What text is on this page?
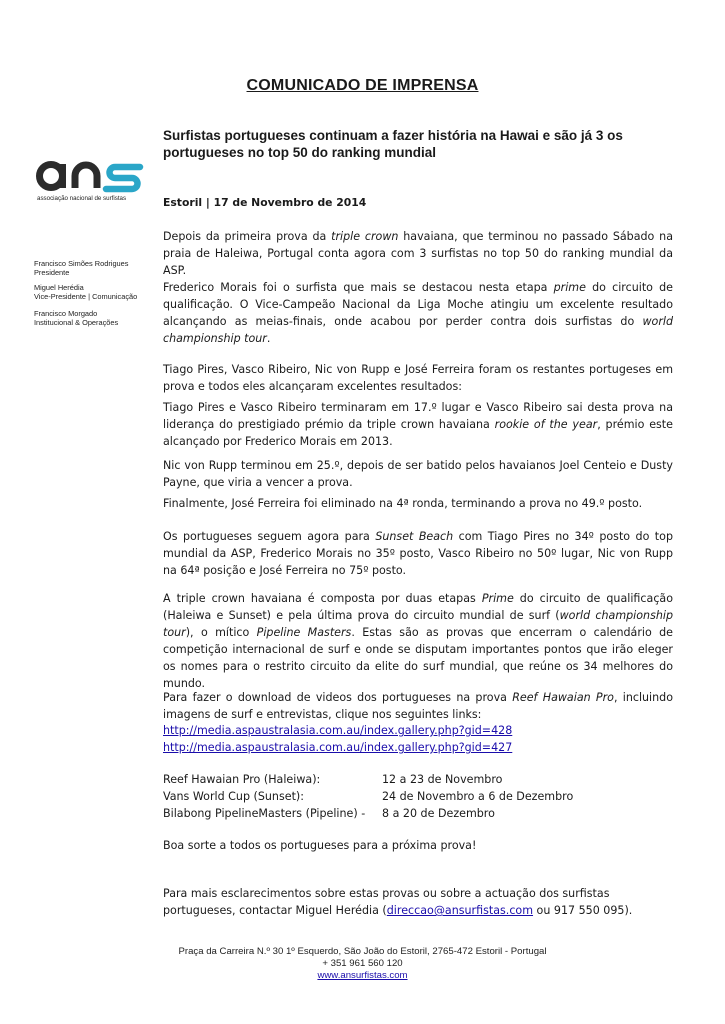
COMUNICADO DE IMPRENSA
Surfistas portugueses continuam a fazer história na Hawai e são já 3 os portugueses no top 50 do ranking mundial
associação nacional de surfistas
Francisco Simões Rodrigues
Presidente
Miguel Herédia
Vice-Presidente | Comunicação
Francisco Morgado
Institucional & Operações
Estoril | 17 de Novembro de 2014
Depois da primeira prova da triple crown havaiana, que terminou no passado Sábado na praia de Haleiwa, Portugal conta agora com 3 surfistas no top 50 do ranking mundial da ASP.
Frederico Morais foi o surfista que mais se destacou nesta etapa prime do circuito de qualificação. O Vice-Campeão Nacional da Liga Moche atingiu um excelente resultado alcançando as meias-finais, onde acabou por perder contra dois surfistas do world championship tour.
Tiago Pires, Vasco Ribeiro, Nic von Rupp e José Ferreira foram os restantes portugeses em prova e todos eles alcançaram excelentes resultados:
Tiago Pires e Vasco Ribeiro terminaram em 17.º lugar e Vasco Ribeiro sai desta prova na liderança do prestigiado prémio da triple crown havaiana rookie of the year, prémio este alcançado por Frederico Morais em 2013.
Nic von Rupp terminou em 25.º, depois de ser batido pelos havaianos Joel Centeio e Dusty Payne, que viria a vencer a prova.
Finalmente, José Ferreira foi eliminado na 4ª ronda, terminando a prova no 49.º posto.
Os portugueses seguem agora para Sunset Beach com Tiago Pires no 34º posto do top mundial da ASP, Frederico Morais no 35º posto, Vasco Ribeiro no 50º lugar, Nic von Rupp na 64ª posição e José Ferreira no 75º posto.
A triple crown havaiana é composta por duas etapas Prime do circuito de qualificação (Haleiwa e Sunset) e pela última prova do circuito mundial de surf (world championship tour), o mítico Pipeline Masters. Estas são as provas que encerram o calendário de competição internacional de surf e onde se disputam importantes pontos que irão eleger os nomes para o restrito circuito da elite do surf mundial, que reúne os 34 melhores do mundo.
Para fazer o download de videos dos portugueses na prova Reef Hawaian Pro, incluindo imagens de surf e entrevistas, clique nos seguintes links:
http://media.aspaustralasia.com.au/index.gallery.php?gid=428
http://media.aspaustralasia.com.au/index.gallery.php?gid=427
Reef Hawaian Pro (Haleiwa):	12 a 23 de Novembro
Vans World Cup (Sunset):	24 de Novembro a 6 de Dezembro
Bilabong PipelineMasters (Pipeline) - 8 a 20 de Dezembro
Boa sorte a todos os portugueses para a próxima prova!
Para mais esclarecimentos sobre estas provas ou sobre a actuação dos surfistas portugueses, contactar Miguel Herédia (direccao@ansurfistas.com ou 917 550 095).
Praça da Carreira N.º 30 1º Esquerdo, São João do Estoril, 2765-472 Estoril - Portugal
+ 351 961 560 120
www.ansurfistas.com
